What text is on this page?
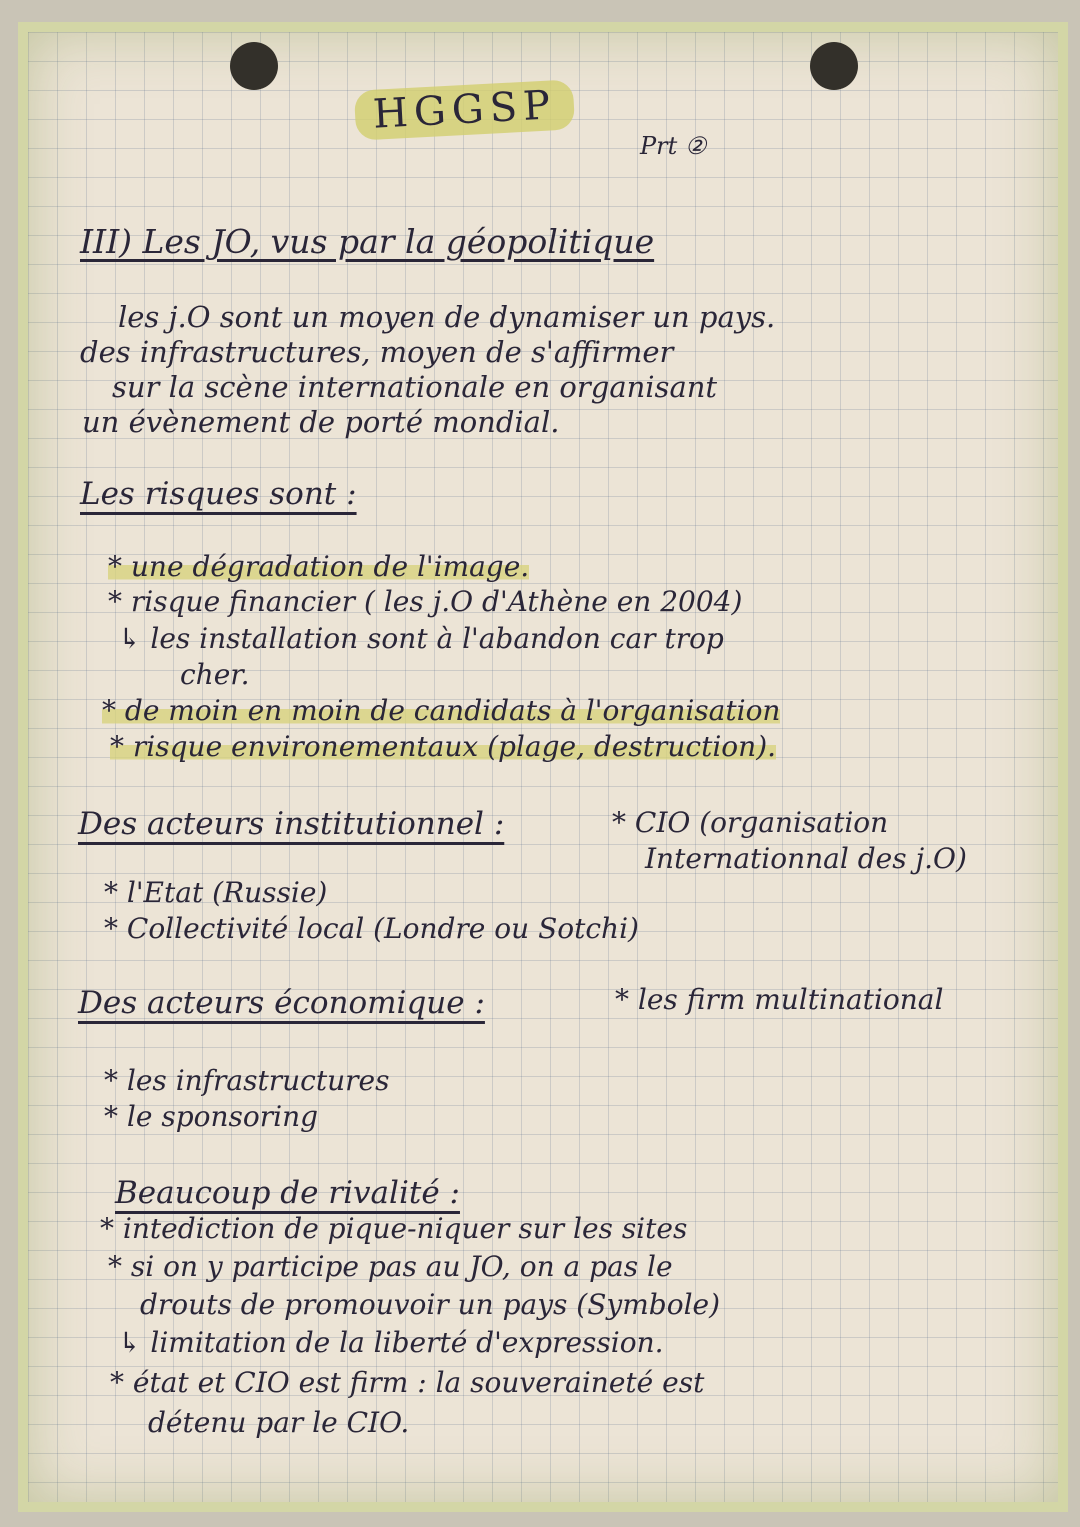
HGGSP
Prt ②
III) Les JO, vus par la géopolitique
les j.O sont un moyen de dynamiser un pays.
des infrastructures, moyen de s'affirmer
sur la scène internationale en organisant
un évènement de porté mondial.
Les risques sont :
* une dégradation de l'image.
* risque financier ( les j.O d'Athène en 2004)
↳ les installation sont à l'abandon car trop
cher.
* de moin en moin de candidats à l'organisation
* risque environementaux (plage, destruction).
Des acteurs institutionnel :	* CIO (organisation
Internationnal des j.O)
* l'Etat (Russie)
* Collectivité local (Londre ou Sotchi)
Des acteurs économique :	* les firm multinational
* les infrastructures
* le sponsoring
Beaucoup de rivalité :
* intediction de pique-niquer sur les sites
* si on y participe pas au JO, on a pas le
drouts de promouvoir un pays (Symbole)
↳ limitation de la liberté d'expression.
* état et CIO est firm : la souveraineté est
détenu par le CIO.
